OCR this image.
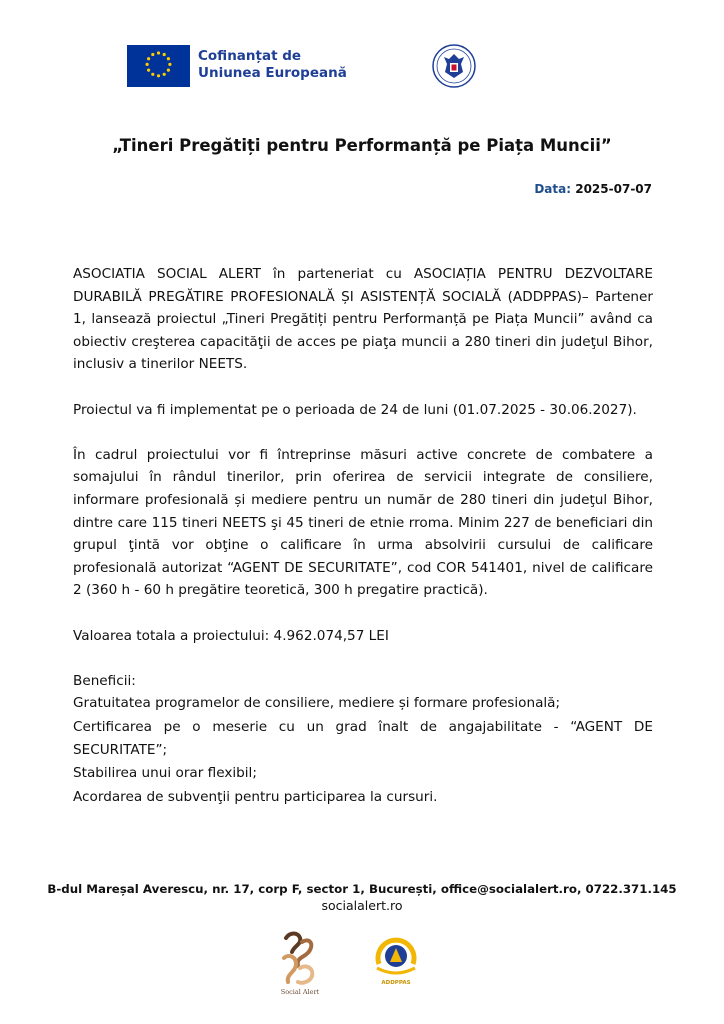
Cofinanțat de
Uniunea Europeană
„Tineri Pregătiți pentru Performanță pe Piața Muncii”
Data: 2025-07-07

ASOCIATIA SOCIAL ALERT în parteneriat cu ASOCIAȚIA PENTRU DEZVOLTARE DURABILĂ PREGĂTIRE PROFESIONALĂ ȘI ASISTENȚĂ SOCIALĂ (ADDPPAS)– Partener 1, lansează proiectul „Tineri Pregătiți pentru Performanță pe Piața Muncii” având ca obiectiv creşterea capacităţii de acces pe piaţa muncii a 280 tineri din judeţul Bihor, inclusiv a tinerilor NEETS.

Proiectul va fi implementat pe o perioada de 24 de luni (01.07.2025 - 30.06.2027).

În cadrul proiectului vor fi întreprinse măsuri active concrete de combatere a somajului în rândul tinerilor, prin oferirea de servicii integrate de consiliere, informare profesională și mediere pentru un număr de 280 tineri din judeţul Bihor, dintre care 115 tineri NEETS şi 45 tineri de etnie rroma. Minim 227 de beneficiari din grupul ţintă vor obţine o calificare în urma absolvirii cursului de calificare profesională autorizat “AGENT DE SECURITATE”, cod COR 541401, nivel de calificare 2 (360 h - 60 h pregătire teoretică, 300 h pregatire practică).

Valoarea totala a proiectului: 4.962.074,57 LEI

Beneficii:

Gratuitatea programelor de consiliere, mediere și formare profesională;

Certificarea pe o meserie cu un grad înalt de angajabilitate - “AGENT DE SECURITATE”;

Stabilirea unui orar flexibil;

Acordarea de subvenţii pentru participarea la cursuri.

B-dul Mareșal Averescu, nr. 17, corp F, sector 1, București, office@socialalert.ro, 0722.371.145
socialalert.ro
Social Alert
ADDPPAS
